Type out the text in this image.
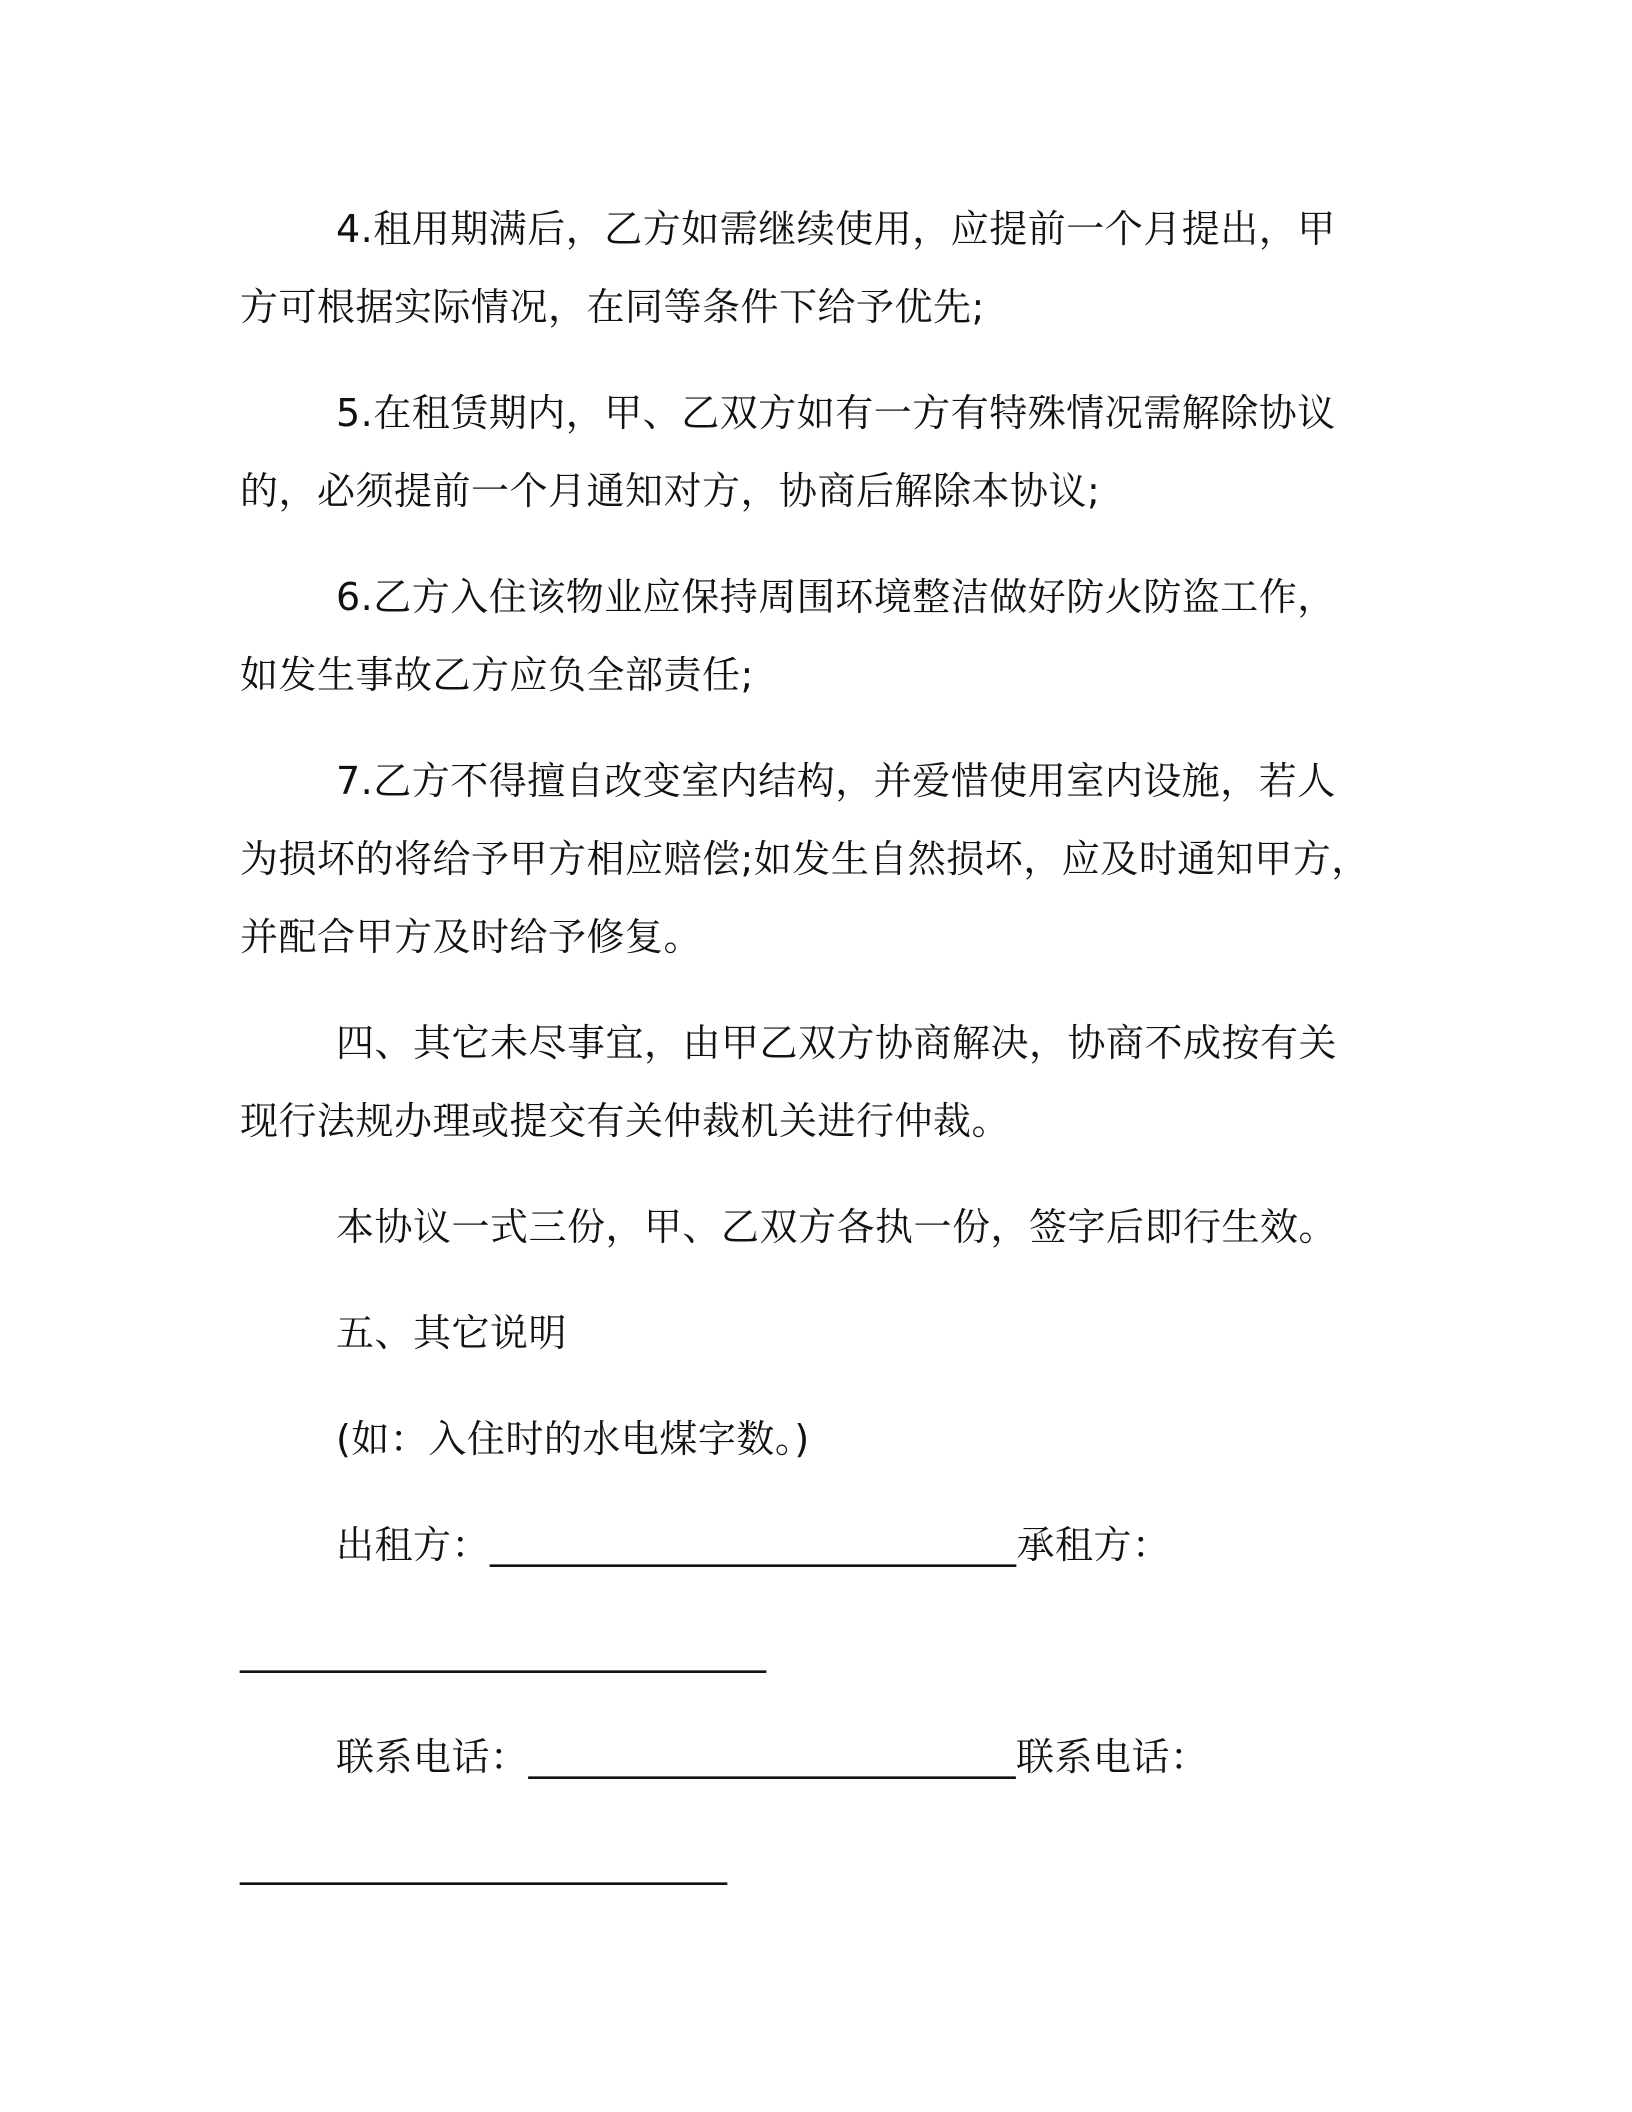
4.租用期满后，乙方如需继续使用，应提前一个月提出，甲方可根据实际情况，在同等条件下给予优先;

5.在租赁期内，甲、乙双方如有一方有特殊情况需解除协议的，必须提前一个月通知对方，协商后解除本协议;

6.乙方入住该物业应保持周围环境整洁做好防火防盗工作，如发生事故乙方应负全部责任;

7.乙方不得擅自改变室内结构，并爱惜使用室内设施，若人为损坏的将给予甲方相应赔偿;如发生自然损坏，应及时通知甲方，并配合甲方及时给予修复。

四、其它未尽事宜，由甲乙双方协商解决，协商不成按有关现行法规办理或提交有关仲裁机关进行仲裁。

本协议一式三份，甲、乙双方各执一份，签字后即行生效。

五、其它说明

(如：入住时的水电煤字数。)

出租方：___________________________承租方：

___________________________

联系电话：_________________________联系电话：

_________________________
